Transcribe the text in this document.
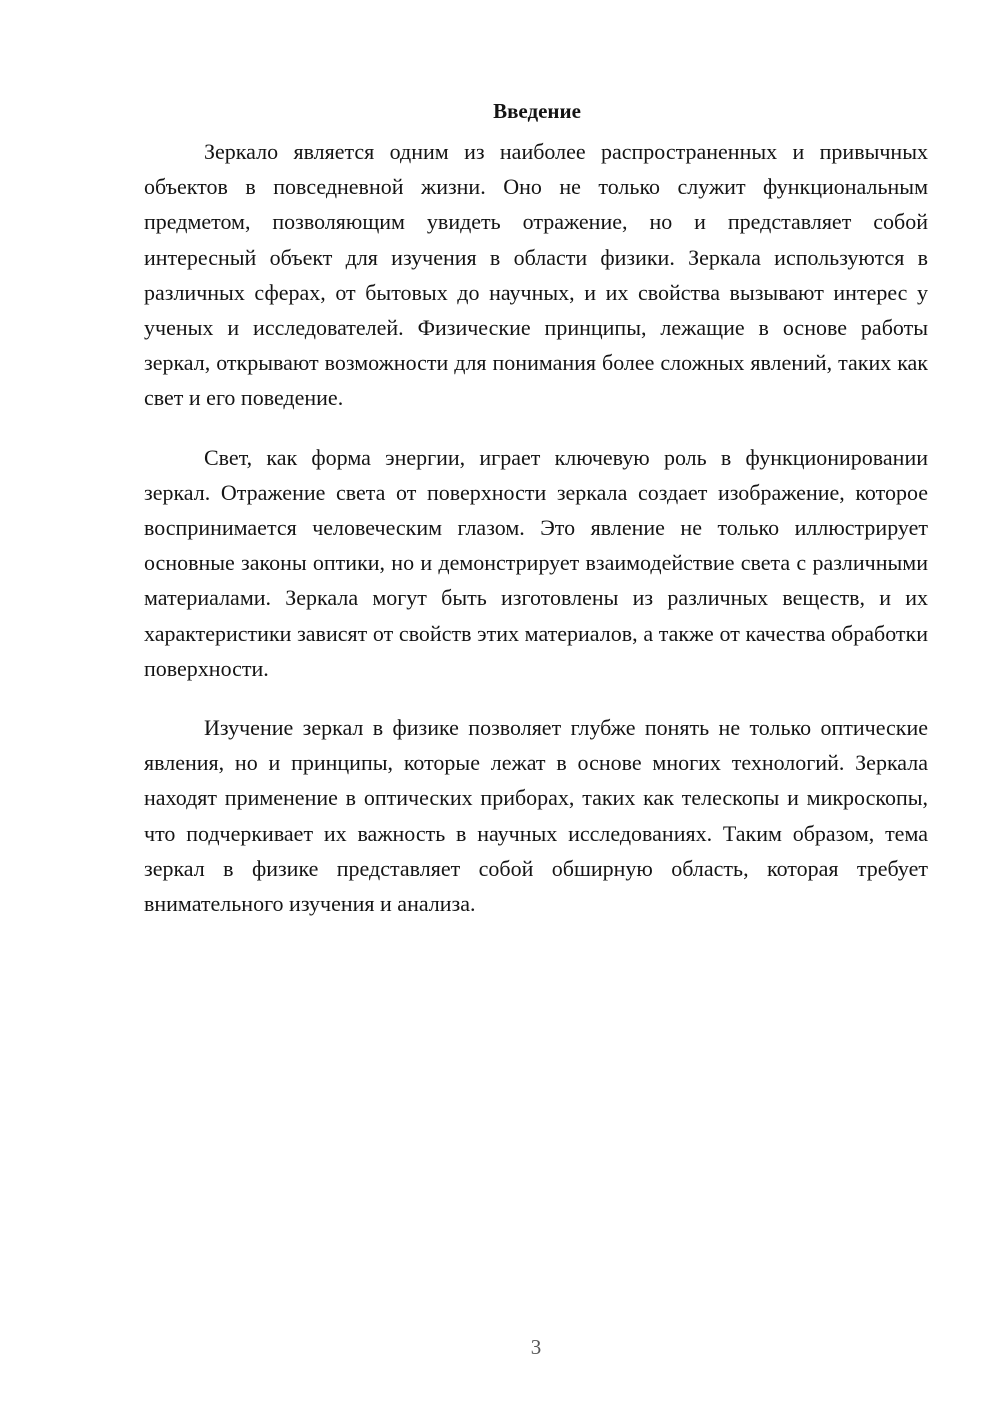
Введение

Зеркало является одним из наиболее распространенных и привычных объектов в повседневной жизни. Оно не только служит функциональным предметом, позволяющим увидеть отражение, но и представляет собой интересный объект для изучения в области физики. Зеркала используются в различных сферах, от бытовых до научных, и их свойства вызывают интерес у ученых и исследователей. Физические принципы, лежащие в основе работы зеркал, открывают возможности для понимания более сложных явлений, таких как свет и его поведение.

Свет, как форма энергии, играет ключевую роль в функционировании зеркал. Отражение света от поверхности зеркала создает изображение, которое воспринимается человеческим глазом. Это явление не только иллюстрирует основные законы оптики, но и демонстрирует взаимодействие света с различными материалами. Зеркала могут быть изготовлены из различных веществ, и их характеристики зависят от свойств этих материалов, а также от качества обработки поверхности.

Изучение зеркал в физике позволяет глубже понять не только оптические явления, но и принципы, которые лежат в основе многих технологий. Зеркала находят применение в оптических приборах, таких как телескопы и микроскопы, что подчеркивает их важность в научных исследованиях. Таким образом, тема зеркал в физике представляет собой обширную область, которая требует внимательного изучения и анализа.

3
